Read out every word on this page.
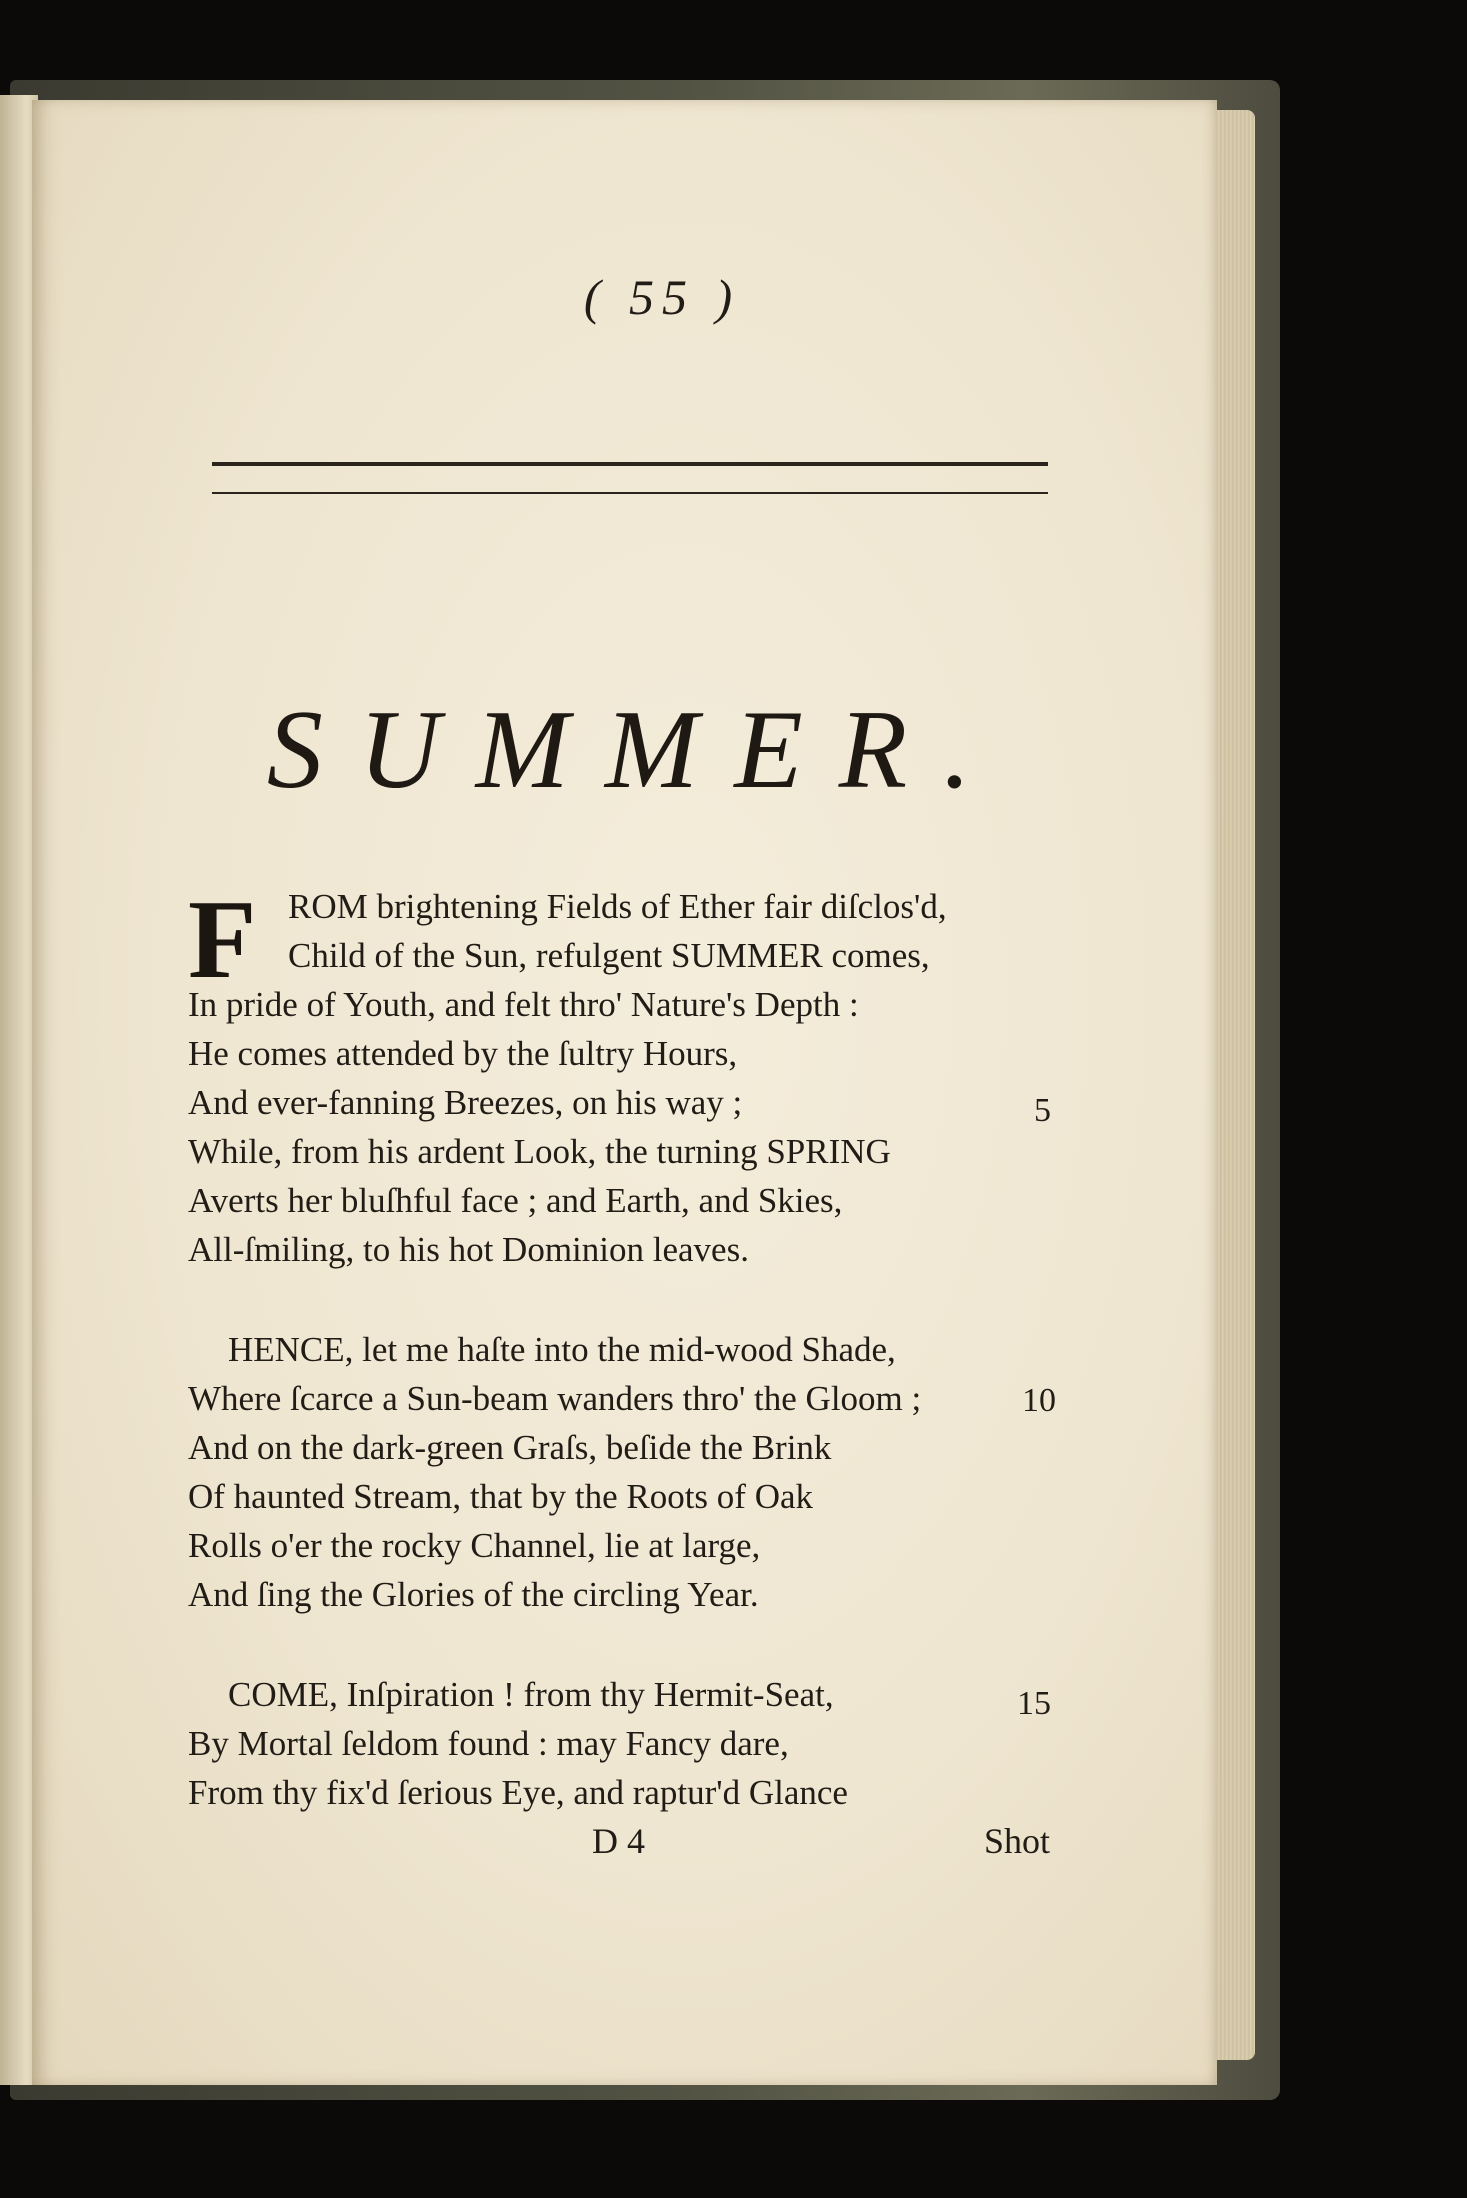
( 55 )
SUMMER.
F ROM brightening Fields of Ether fair diſclos'd,
Child of the Sun, refulgent SUMMER comes,
In pride of Youth, and felt thro' Nature's Depth :
He comes attended by the ſultry Hours,
And ever-fanning Breezes, on his way ;
While, from his ardent Look, the turning SPRING
Averts her bluſhful face ; and Earth, and Skies,
All-ſmiling, to his hot Dominion leaves.
5
HENCE, let me haſte into the mid-wood Shade,
Where ſcarce a Sun-beam wanders thro' the Gloom ;
And on the dark-green Graſs, beſide the Brink
Of haunted Stream, that by the Roots of Oak
Rolls o'er the rocky Channel, lie at large,
And ſing the Glories of the circling Year.
10
COME, Inſpiration ! from thy Hermit-Seat,
By Mortal ſeldom found : may Fancy dare,
From thy fix'd ſerious Eye, and raptur'd Glance
15
D 4	Shot
